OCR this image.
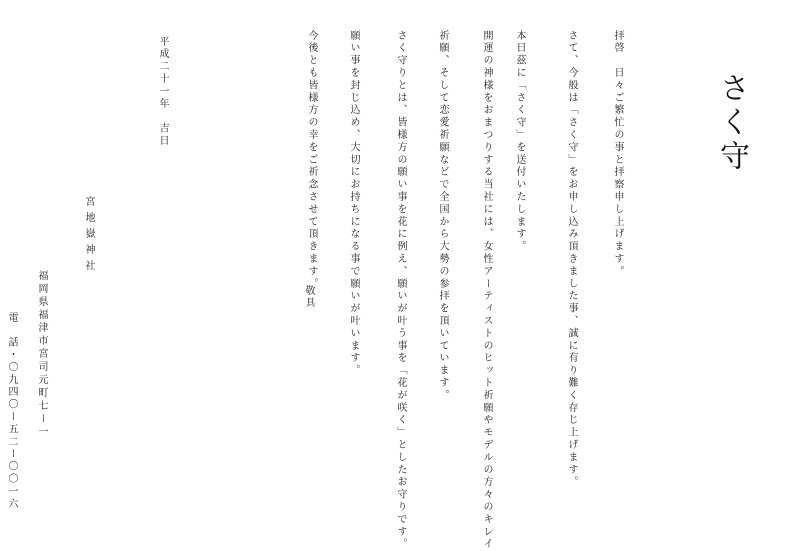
さく守
拝啓　日々ご繁忙の事と拝察申し上げます。
さて、今般は「さく守」をお申し込み頂きました事、誠に有り難く存じ上げます。
本日茲に「さく守」を送付いたします。
開運の神様をおまつりする当社には、女性アーティストのヒット祈願やモデルの方々のキレイ
祈願、そして恋愛祈願などで全国から大勢の参拝を頂いています。
さく守りとは、皆様方の願い事を花に例え、願いが叶う事を「花が咲く」としたお守りです。
願い事を封じ込め、大切にお持ちになる事で願いが叶います。
今後とも皆様方の幸をご祈念させて頂きます。
敬具
平成二十一年　吉日
宮地嶽神社
福岡県福津市宮司元町七ー一
電　話・〇九四〇ー五二ー〇〇一六
